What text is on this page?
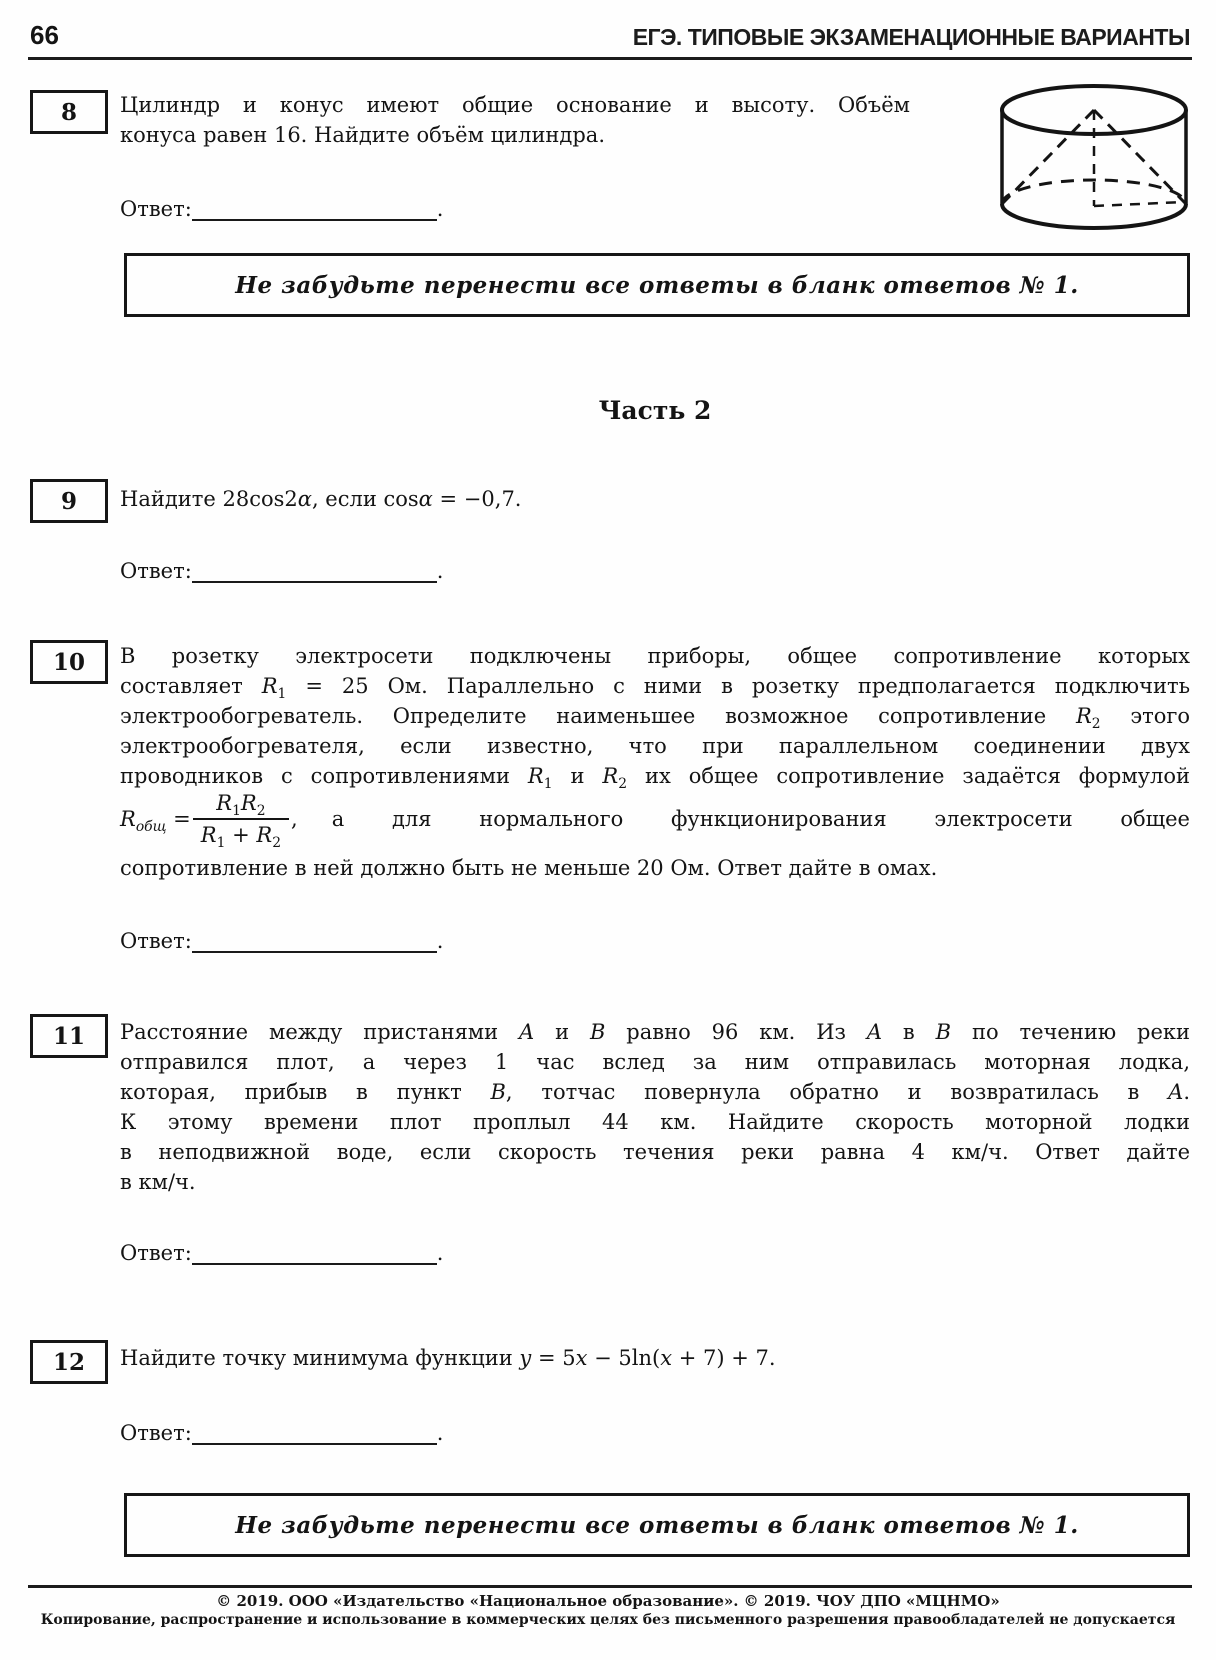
66	ЕГЭ. ТИПОВЫЕ ЭКЗАМЕНАЦИОННЫЕ ВАРИАНТЫ
8 Цилиндр и конус имеют общие основание и высоту. Объём
конуса равен 16. Найдите объём цилиндра.
Ответ:	.
Не забудьте перенести все ответы в бланк ответов № 1.
Часть 2
9 Найдите 28cos2α, если cosα = −0,7.
Ответ:	.
10 В розетку электросети подключены приборы, общее сопротивление которых
составляет $R_1 = 25$ Ом. Параллельно с ними в розетку предполагается подключить
электрообогреватель. Определите наименьшее возможное сопротивление $R_2$ этого
электрообогревателя, если известно, что при параллельном соединении двух
проводников с сопротивлениями $R_1$ и $R_2$ их общее сопротивление задаётся формулой
$R_{общ} = \frac{R_1R_2}{R_1 + R_2}$ ,	а для нормального функционирования электросети общее
сопротивление в ней должно быть не меньше 20 Ом. Ответ дайте в омах.
Ответ:	.
11 Расстояние между пристанями A и B равно 96 км. Из A в B по течению реки
отправился плот, а через 1 час вслед за ним отправилась моторная лодка,
которая, прибыв в пункт B, тотчас повернула обратно и возвратилась в A.
К этому времени плот проплыл 44 км. Найдите скорость моторной лодки
в неподвижной воде, если скорость течения реки равна 4 км/ч. Ответ дайте
в км/ч.
Ответ:	.
12 Найдите точку минимума функции y = 5x − 5ln(x + 7) + 7.
Ответ:	.
Не забудьте перенести все ответы в бланк ответов № 1.
© 2019. ООО «Издательство «Национальное образование». © 2019. ЧОУ ДПО «МЦНМО»
Копирование, распространение и использование в коммерческих целях без письменного разрешения правообладателей не допускается
